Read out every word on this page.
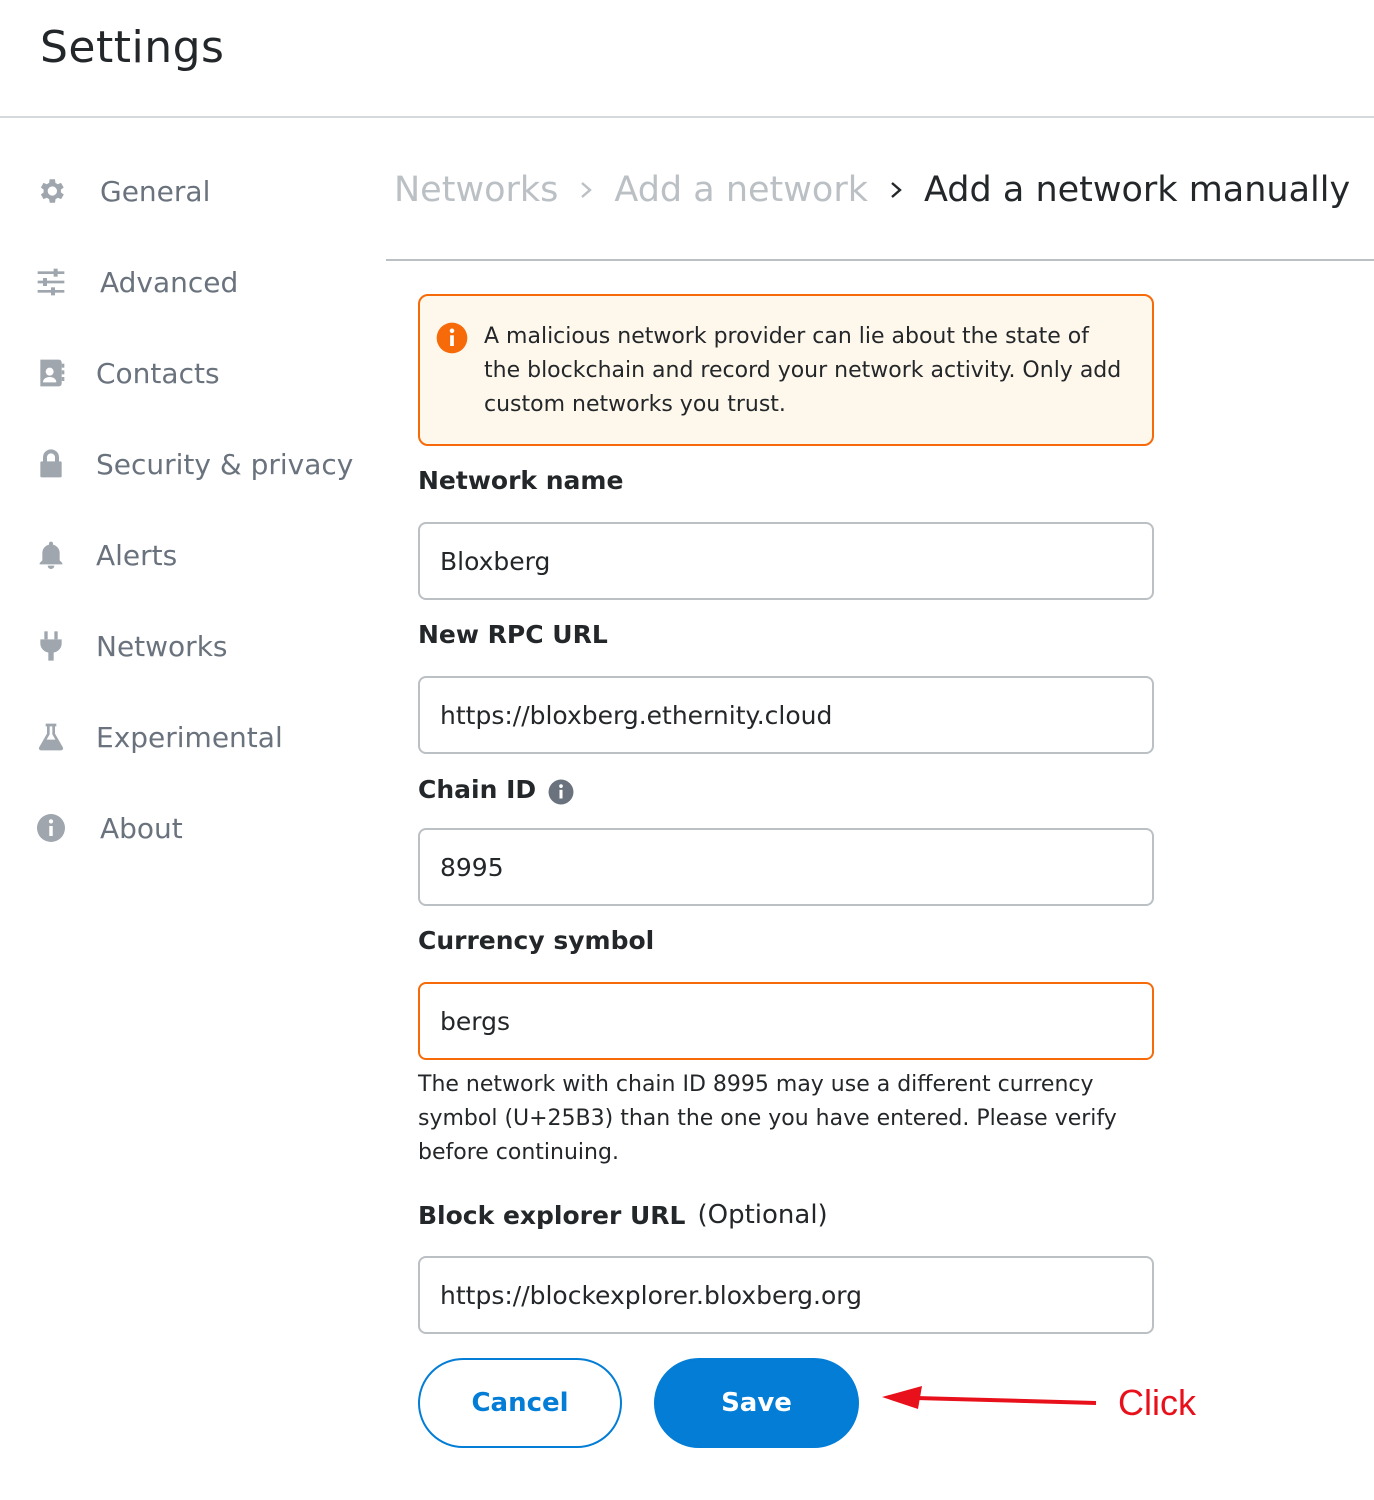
Settings
General
Advanced
Contacts
Security & privacy
Alerts
Networks
Experimental
About
Networks Add a network Add a network manually
A malicious network provider can lie about the state of the blockchain and record your network activity. Only add custom networks you trust.
Network name
Bloxberg
New RPC URL
https://bloxberg.ethernity.cloud
Chain ID
8995
Currency symbol
bergs
The network with chain ID 8995 may use a different currency symbol (U+25B3) than the one you have entered. Please verify before continuing.
Block explorer URL (Optional)
https://blockexplorer.bloxberg.org
Cancel	Save	Click
